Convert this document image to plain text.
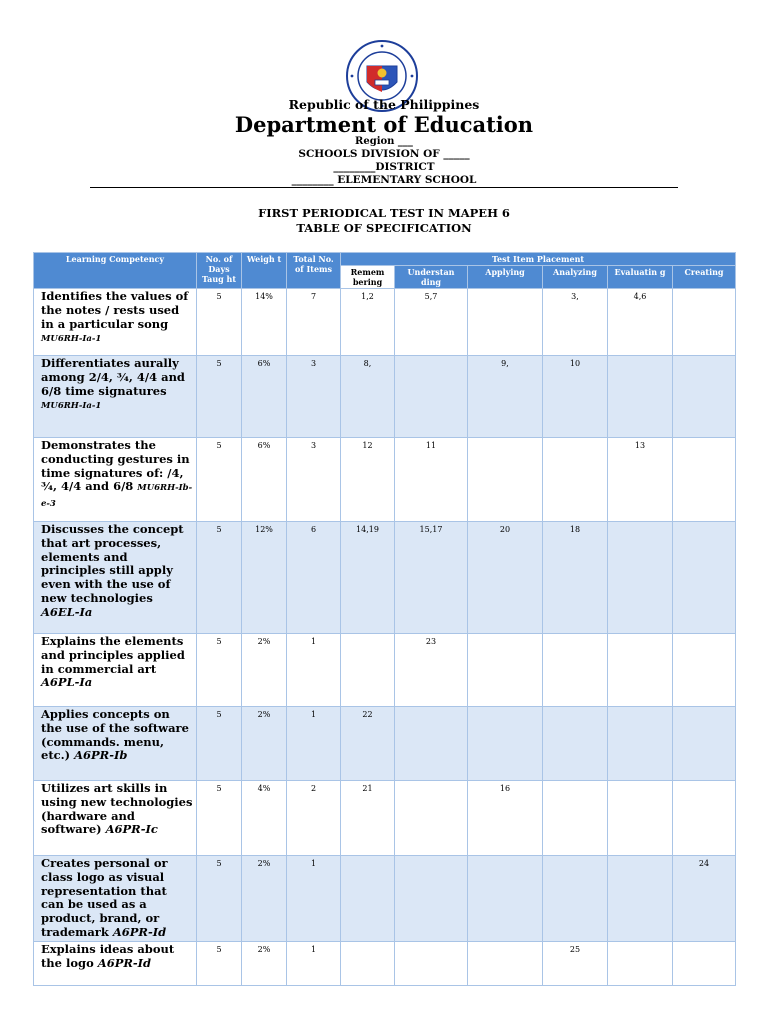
Republic of the Philippines
Department of Education
Region ___
SCHOOLS DIVISION OF _____
________DISTRICT
________ ELEMENTARY SCHOOL
FIRST PERIODICAL TEST IN MAPEH 6
TABLE OF SPECIFICATION
Learning Competency	No. of Days Taug ht	Weigh t	Total No. of Items	Test Item Placement					
				Remem bering	Understan ding	Applying	Analyzing	Evaluatin g	Creating
Identifies the values of the notes / rests used in a particular song MU6RH-Ia-1	5	14%	7	1,2	5,7		3,	4,6	
Differentiates aurally among 2/4, ¾, 4/4 and 6/8 time signatures MU6RH-Ia-1	5	6%	3	8,		9,	10		
Demonstrates the conducting gestures in time signatures of: /4, ¾, 4/4 and 6/8 MU6RH-Ib-e-3	5	6%	3	12	11			13	
Discusses the concept that art processes, elements and principles still apply even with the use of new technologies A6EL-Ia	5	12%	6	14,19	15,17	20	18		
Explains the elements and principles applied in commercial art A6PL-Ia	5	2%	1		23				
Applies concepts on the use of the software (commands. menu, etc.) A6PR-Ib	5	2%	1	22					
Utilizes art skills in using new technologies (hardware and software) A6PR-Ic	5	4%	2	21		16			
Creates personal or class logo as visual representation that can be used as a product, brand, or trademark A6PR-Id	5	2%	1						24
Explains ideas about the logo A6PR-Id	5	2%	1				25		
